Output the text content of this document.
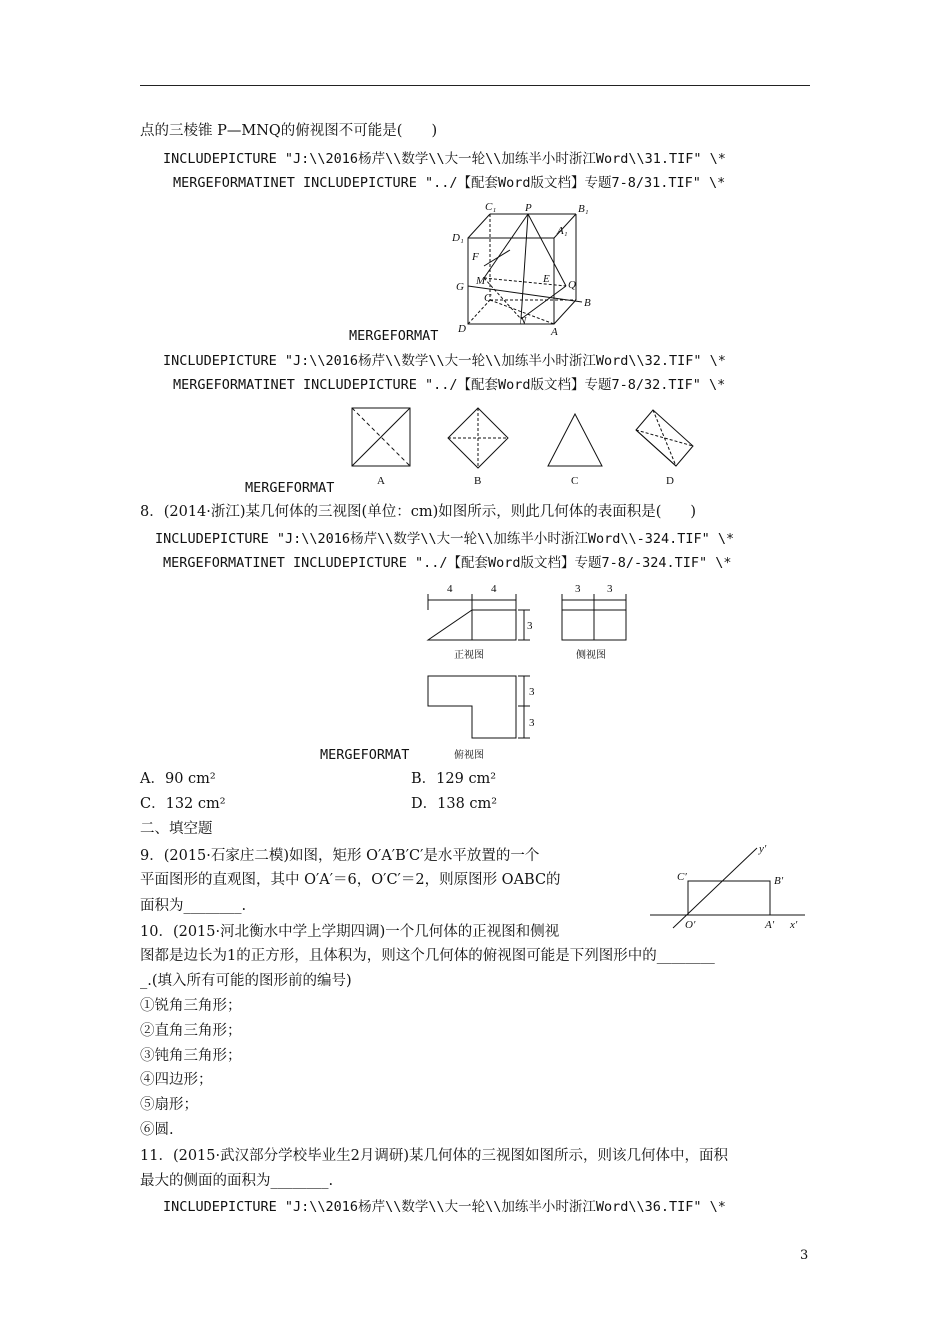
点的三棱锥 P—MNQ的俯视图不可能是(　　)
INCLUDEPICTURE "J:\\2016杨芹\\数学\\大一轮\\加练半小时浙江Word\\31.TIF" \*
MERGEFORMATINET INCLUDEPICTURE "../【配套Word版文档】专题7-8/31.TIF" \*
C₁	P	B₁
D₁
A₁
F
G M	E
C
Q
B
D
N
A
MERGEFORMAT
INCLUDEPICTURE "J:\\2016杨芹\\数学\\大一轮\\加练半小时浙江Word\\32.TIF" \*
MERGEFORMATINET INCLUDEPICTURE "../【配套Word版文档】专题7-8/32.TIF" \*
A	B	C	D
MERGEFORMAT
8．(2014·浙江)某几何体的三视图(单位：cm)如图所示，则此几何体的表面积是(　　)
INCLUDEPICTURE "J:\\2016杨芹\\数学\\大一轮\\加练半小时浙江Word\\-324.TIF" \*
MERGEFORMATINET INCLUDEPICTURE "../【配套Word版文档】专题7-8/-324.TIF" \*
4	4
3
3 3
正视图	侧视图
3
3
俯视图
MERGEFORMAT
A．90 cm²	B．129 cm²
C．132 cm²	D．138 cm²
二、填空题
9．(2015·石家庄二模)如图，矩形 O′A′B′C′是水平放置的一个
平面图形的直观图，其中 O′A′＝6，O′C′＝2，则原图形 OABC的
面积为________.
y′
C′	B′
O′	A′ x′
10．(2015·河北衡水中学上学期四调)一个几何体的正视图和侧视
图都是边长为1的正方形，且体积为，则这个几何体的俯视图可能是下列图形中的________
_.(填入所有可能的图形前的编号)
①锐角三角形；
②直角三角形；
③钝角三角形；
④四边形；
⑤扇形；
⑥圆.
11．(2015·武汉部分学校毕业生2月调研)某几何体的三视图如图所示，则该几何体中，面积
最大的侧面的面积为________.
INCLUDEPICTURE "J:\\2016杨芹\\数学\\大一轮\\加练半小时浙江Word\\36.TIF" \*
3
